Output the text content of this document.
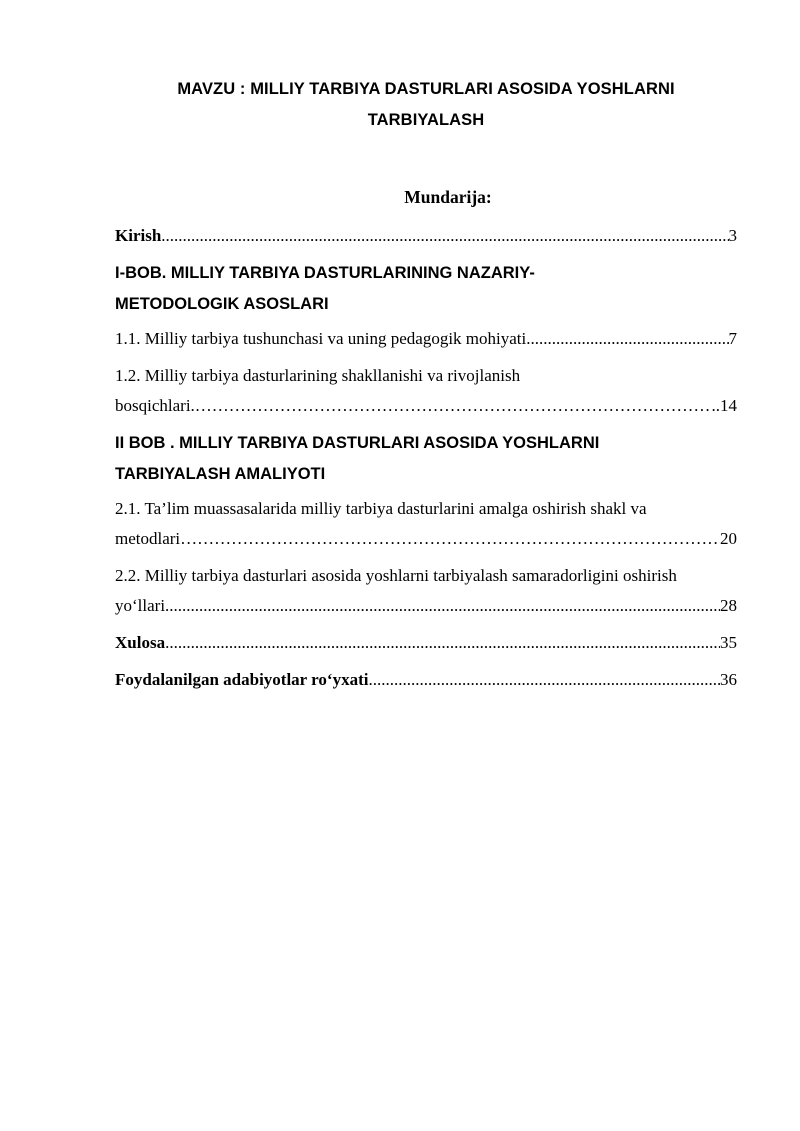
MAVZU : MILLIY TARBIYA DASTURLARI ASOSIDA YOSHLARNI
TARBIYALASH
Mundarija:
Kirish .....	3
I-BOB. MILLIY TARBIYA DASTURLARINING NAZARIY-
METODOLOGIK ASOSLARI
1.1. Milliy tarbiya tushunchasi va uning pedagogik mohiyati .....	7
1.2. Milliy tarbiya dasturlarining shakllanishi va rivojlanish
bosqichlari. ………………………………………………………………………………………………………………………………………………………………………	..14
II BOB . MILLIY TARBIYA DASTURLARI ASOSIDA YOSHLARNI
TARBIYALASH AMALIYOTI
2.1. Ta’lim muassasalarida milliy tarbiya dasturlarini amalga oshirish shakl va
metodlari ………………………………………………………………………………………………………………………………………………………………………	20
2.2. Milliy tarbiya dasturlari asosida yoshlarni tarbiyalash samaradorligini oshirish
yo‘llari .....	28
Xulosa .....	35
Foydalanilgan adabiyotlar ro‘yxati .....	36
